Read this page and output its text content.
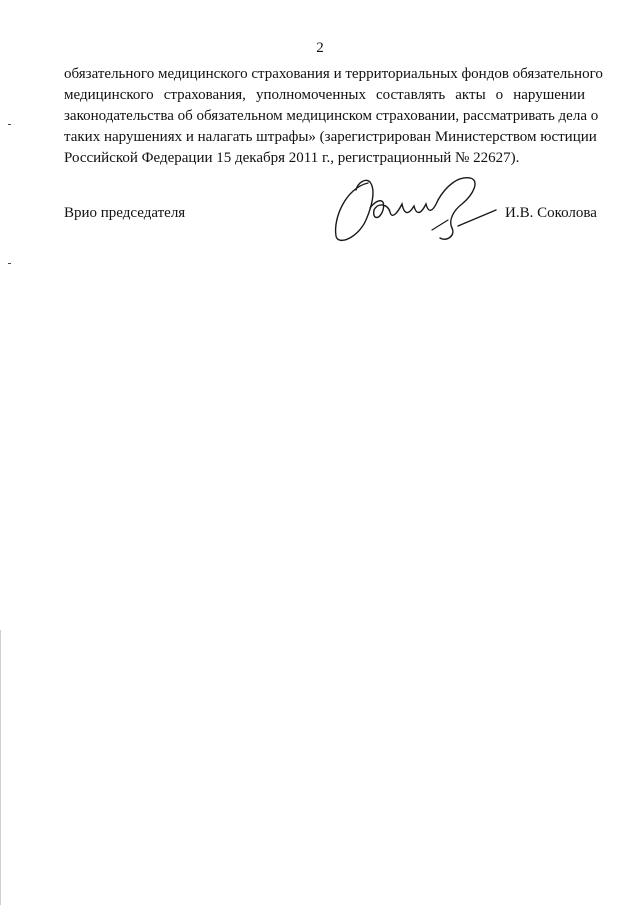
2
обязательного медицинского страхования и территориальных фондов обязательного
медицинского страхования, уполномоченных составлять акты о нарушении
законодательства об обязательном медицинском страховании, рассматривать дела о
таких нарушениях и налагать штрафы» (зарегистрирован Министерством юстиции
Российской Федерации 15 декабря 2011 г., регистрационный № 22627).
Врио председателя	И.В. Соколова
